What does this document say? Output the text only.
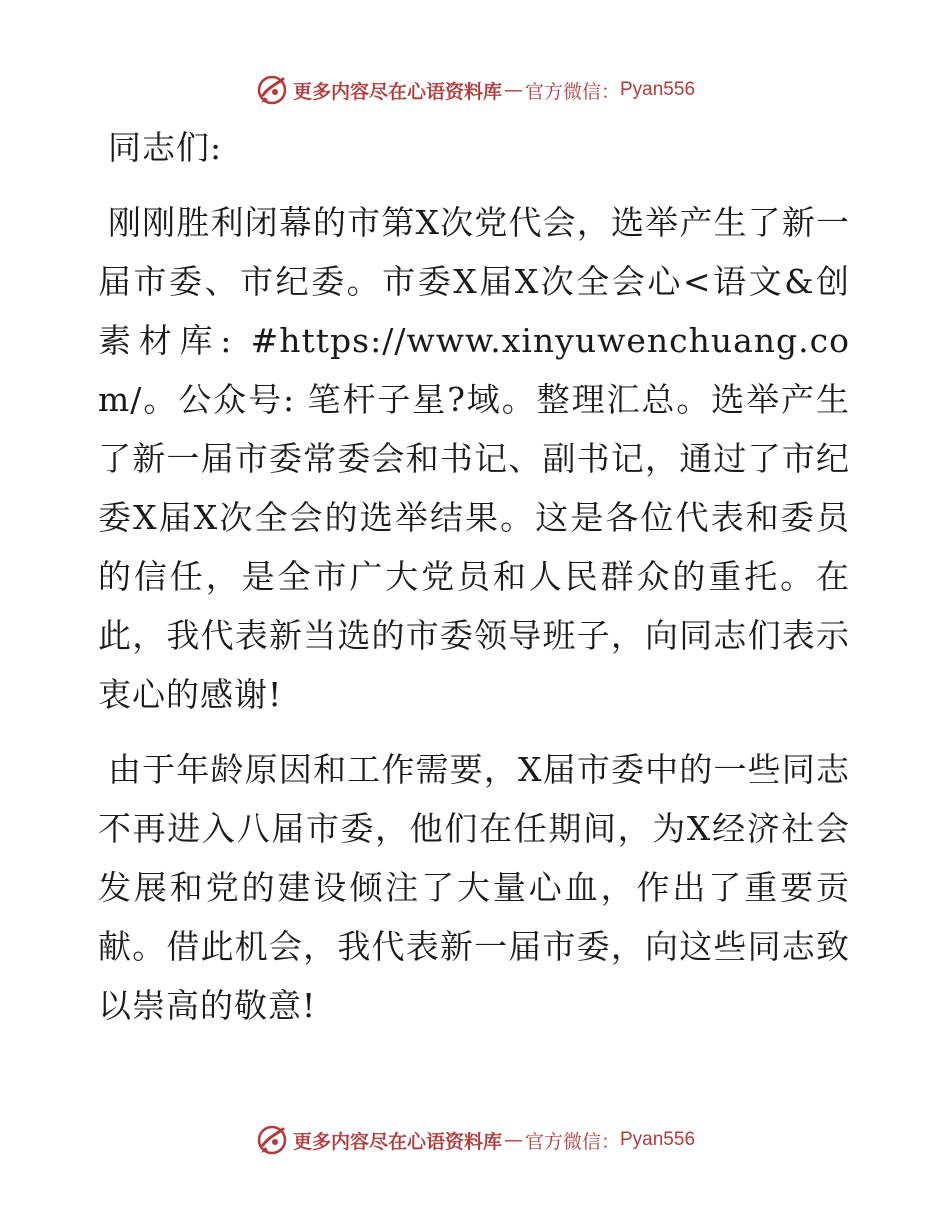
更多内容尽在心语资料库 — 官方微信： Pyan556

同志们:

刚刚胜利闭幕的市第X次党代会，选举产生了新一届市委、市纪委。市委X届X次全会心<语文&创素材库: #https://www.xinyuwenchuang.com/。公众号: 笔杆子星?域。整理汇总。选举产生了新一届市委常委会和书记、副书记，通过了市纪委X届X次全会的选举结果。这是各位代表和委员的信任，是全市广大党员和人民群众的重托。在此，我代表新当选的市委领导班子，向同志们表示衷心的感谢!

由于年龄原因和工作需要，X届市委中的一些同志不再进入八届市委，他们在任期间，为X经济社会发展和党的建设倾注了大量心血，作出了重要贡献。借此机会，我代表新一届市委，向这些同志致以崇高的敬意!

更多内容尽在心语资料库 — 官方微信： Pyan556
